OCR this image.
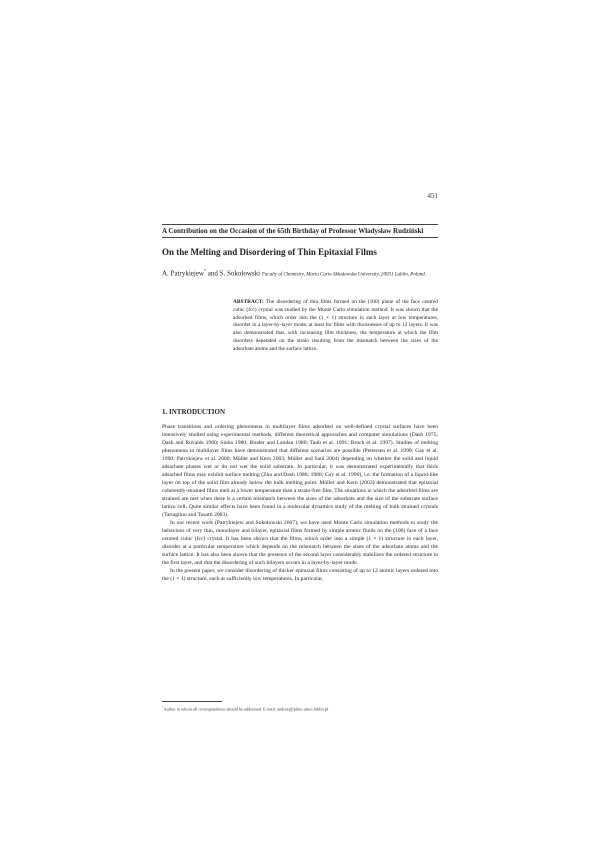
451

A Contribution on the Occasion of the 65th Birthday of Professor Władysław Rudziński

On the Melting and Disordering of Thin Epitaxial Films

A. Patrykiejew* and S. Sokołowski Faculty of Chemistry, Maria Curie-Skłodowska University, 20031 Lublin, Poland.

ABSTRACT: The disordering of thin films formed on the (100) plane of the face centred cubic (fcc) crystal was studied by the Monte Carlo simulation method. It was shown that the adsorbed films, which order into the (1 × 1) structure in each layer at low temperatures, disorder in a layer-by-layer mode, at least for films with thicknesses of up to 12 layers. It was also demonstrated that, with increasing film thickness, the temperature at which the film disorders depended on the strain resulting from the mismatch between the sizes of the adsorbate atoms and the surface lattice.

1. INTRODUCTION

Phase transitions and ordering phenomena in multilayer films adsorbed on well-defined crystal surfaces have been intensively studied using experimental methods, different theoretical approaches and computer simulations (Dash 1975; Dash and Ruvalds 1980; Sinha 1980; Binder and Landau 1980; Taub et al. 1991; Bruch et al. 1997). Studies of melting phenomena in multilayer films have demonstrated that different scenarios are possible (Pettersen et al. 1990; Gay et al. 1990; Patrykiejew et al. 2000; Müller and Kern 2003; Müller and Saúl 2004) depending on whether the solid and liquid adsorbate phases wet or do not wet the solid substrate. In particular, it was demonstrated experimentally that thick adsorbed films may exhibit surface melting (Zhu and Dash 1986; 1988; Gay et al. 1990), i.e. the formation of a liquid-like layer on top of the solid film already below the bulk melting point. Müller and Kern (2003) demonstrated that epitaxial coherently-strained films melt at a lower temperature than a strain-free film. The situations in which the adsorbed films are strained are met when there is a certain mismatch between the sizes of the adsorbate and the size of the substrate surface lattice cell. Quite similar effects have been found in a molecular dynamics study of the melting of bulk strained crystals (Tartaglino and Tosatti 2003).

In our recent work (Patrykiejew and Sokołowski 2007), we have used Monte Carlo simulation methods to study the behaviour of very thin, monolayer and bilayer, epitaxial films formed by simple atomic fluids on the (100) face of a face centred cubic (fcc) crystal. It has been shown that the films, which order into a simple (1 × 1) structure in each layer, disorder at a particular temperature which depends on the mismatch between the sizes of the adsorbate atoms and the surface lattice. It has also been shown that the presence of the second layer considerably stabilizes the ordered structure in the first layer, and that the disordering of such bilayers occurs in a layer-by-layer mode.

In the present paper, we consider disordering of thicker epitaxial films consisting of up to 12 atomic layers ordered into the (1 × 1) structure, each at sufficiently low temperatures. In particular,

*Author to whom all correspondence should be addressed. E-mail: andrzej@pluto.umcs.lublin.pl
